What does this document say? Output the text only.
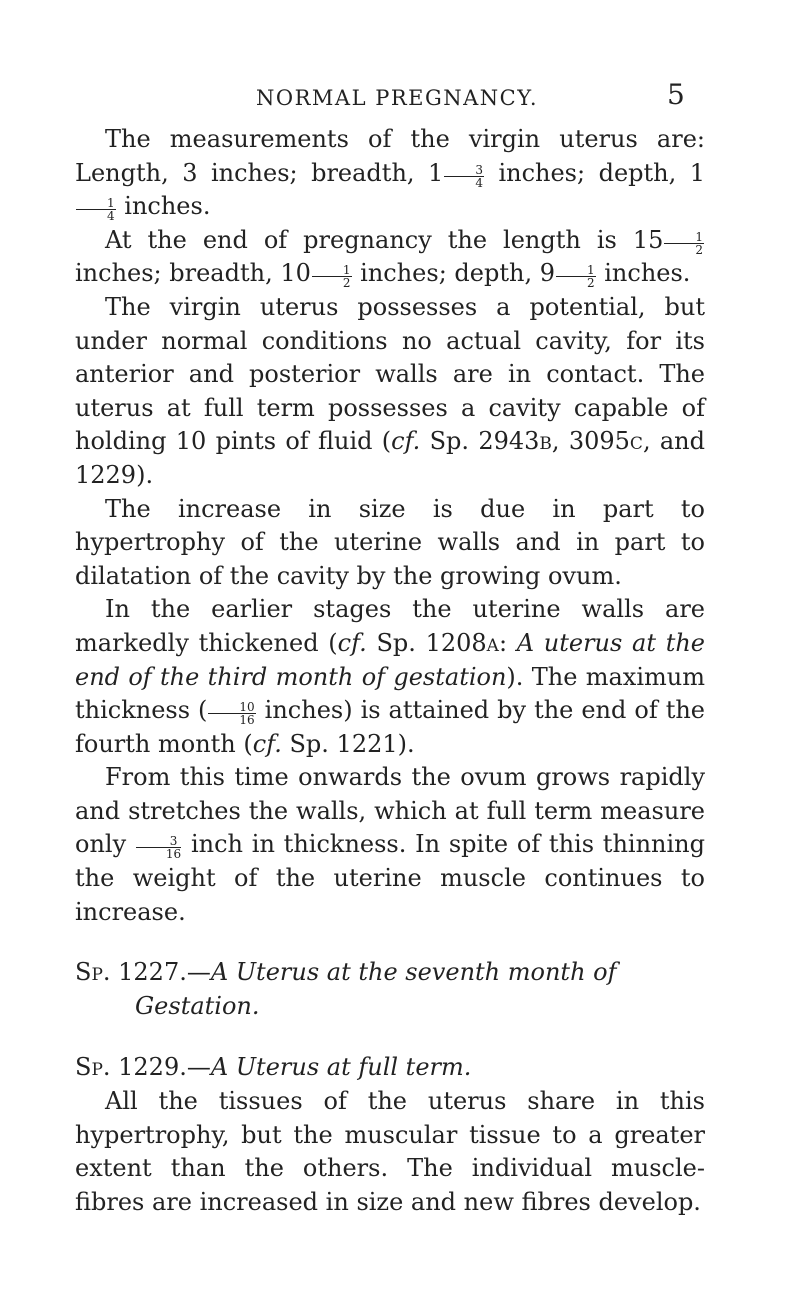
NORMAL PREGNANCY.	5

The measurements of the virgin uterus are: Length, 3 inches; breadth, $1 \frac{3}{4}$ inches; depth, 1
$\frac{1}{4}$ inches.

At the end of pregnancy the length is $15 \frac{1}{2}$
inches; breadth, $10 \frac{1}{2}$ inches; depth, $9 \frac{1}{2}$ inches.

The virgin uterus possesses a potential, but under normal conditions no actual cavity, for its anterior and posterior walls are in contact. The uterus at full term possesses a cavity capable of holding 10 pints of fluid (cf. Sp. 2943b, 3095c, and 1229).

The increase in size is due in part to hypertrophy of the uterine walls and in part to dilatation of the cavity by the growing ovum.

In the earlier stages the uterine walls are markedly thickened (cf. Sp. 1208a: A uterus at the end of the third month of gestation). The maximum thickness ( $\frac{10}{16}$ inches) is attained by the end of the fourth month (cf. Sp. 1221).

From this time onwards the ovum grows rapidly and stretches the walls, which at full term measure only $\frac{3}{16}$ inch in thickness. In spite of this thinning the weight of the uterine muscle continues to increase.

Sp. 1227.—A Uterus at the seventh month of Gestation.

Sp. 1229.—A Uterus at full term.

All the tissues of the uterus share in this hypertrophy, but the muscular tissue to a greater extent than the others. The individual muscle-fibres are increased in size and new fibres develop.
